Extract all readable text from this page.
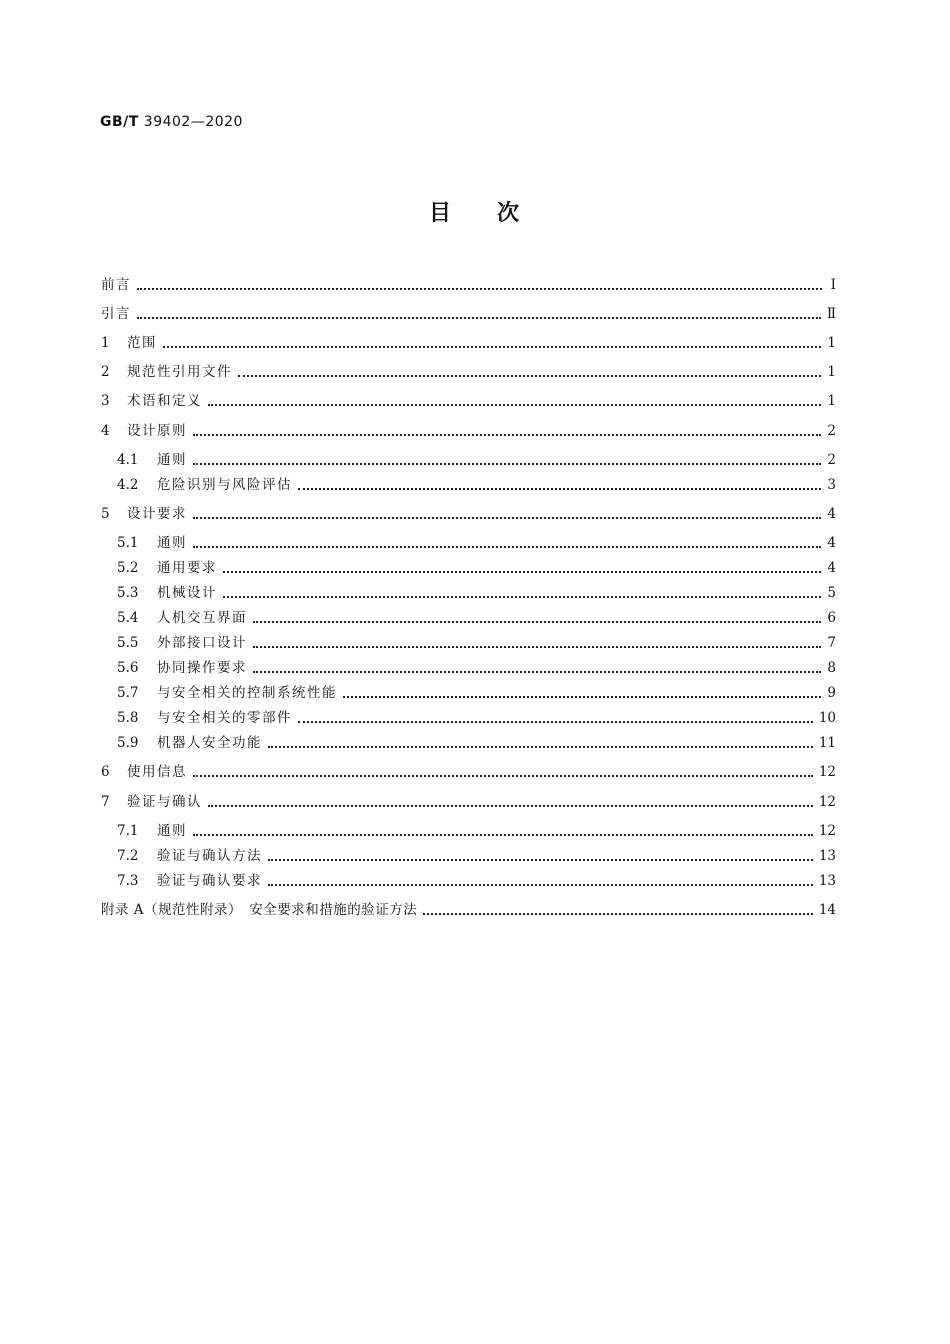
GB/T 39402—2020
目 次
前言	Ⅰ
引言	Ⅱ
1	范围	1
2	规范性引用文件	1
3	术语和定义	1
4	设计原则	2
4.1	通则	2
4.2	危险识别与风险评估	3
5	设计要求	4
5.1	通则	4
5.2	通用要求	4
5.3	机械设计	5
5.4	人机交互界面	6
5.5	外部接口设计	7
5.6	协同操作要求	8
5.7	与安全相关的控制系统性能	9
5.8	与安全相关的零部件	10
5.9	机器人安全功能	11
6	使用信息	12
7	验证与确认	12
7.1	通则	12
7.2	验证与确认方法	13
7.3	验证与确认要求	13
附录 A（规范性附录）　安全要求和措施的验证方法	14
